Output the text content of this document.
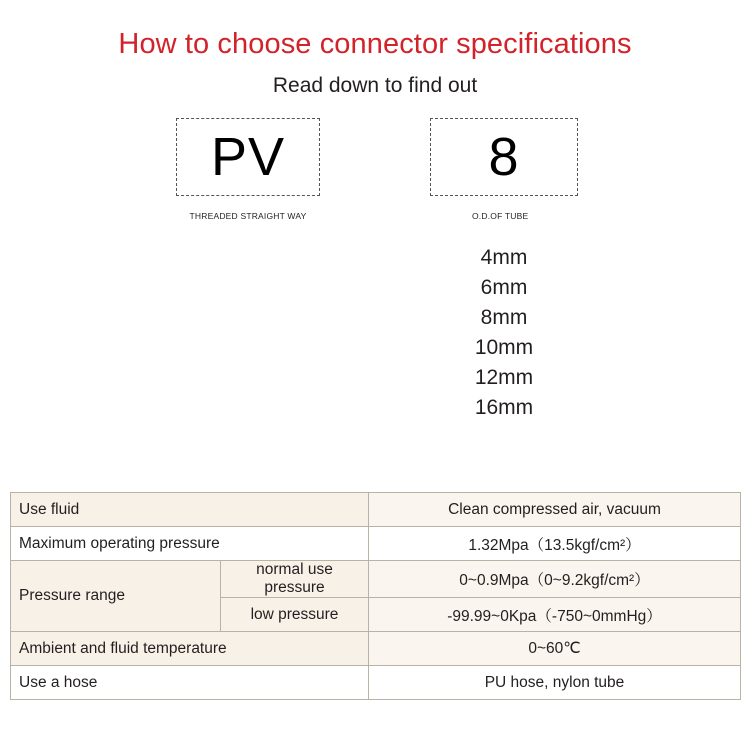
How to choose connector specifications
Read down to find out
PV
THREADED STRAIGHT WAY
8
O.D.OF TUBE
4mm
6mm
8mm
10mm
12mm
16mm
Use fluid		Clean compressed air, vacuum
Maximum operating pressure		1.32Mpa（13.5kgf/cm²）
Pressure range	normal use pressure	0~0.9Mpa（0~9.2kgf/cm²）
	low pressure	-99.99~0Kpa（-750~0mmHg）
Ambient and fluid temperature		0~60℃
Use a hose		PU hose, nylon tube
